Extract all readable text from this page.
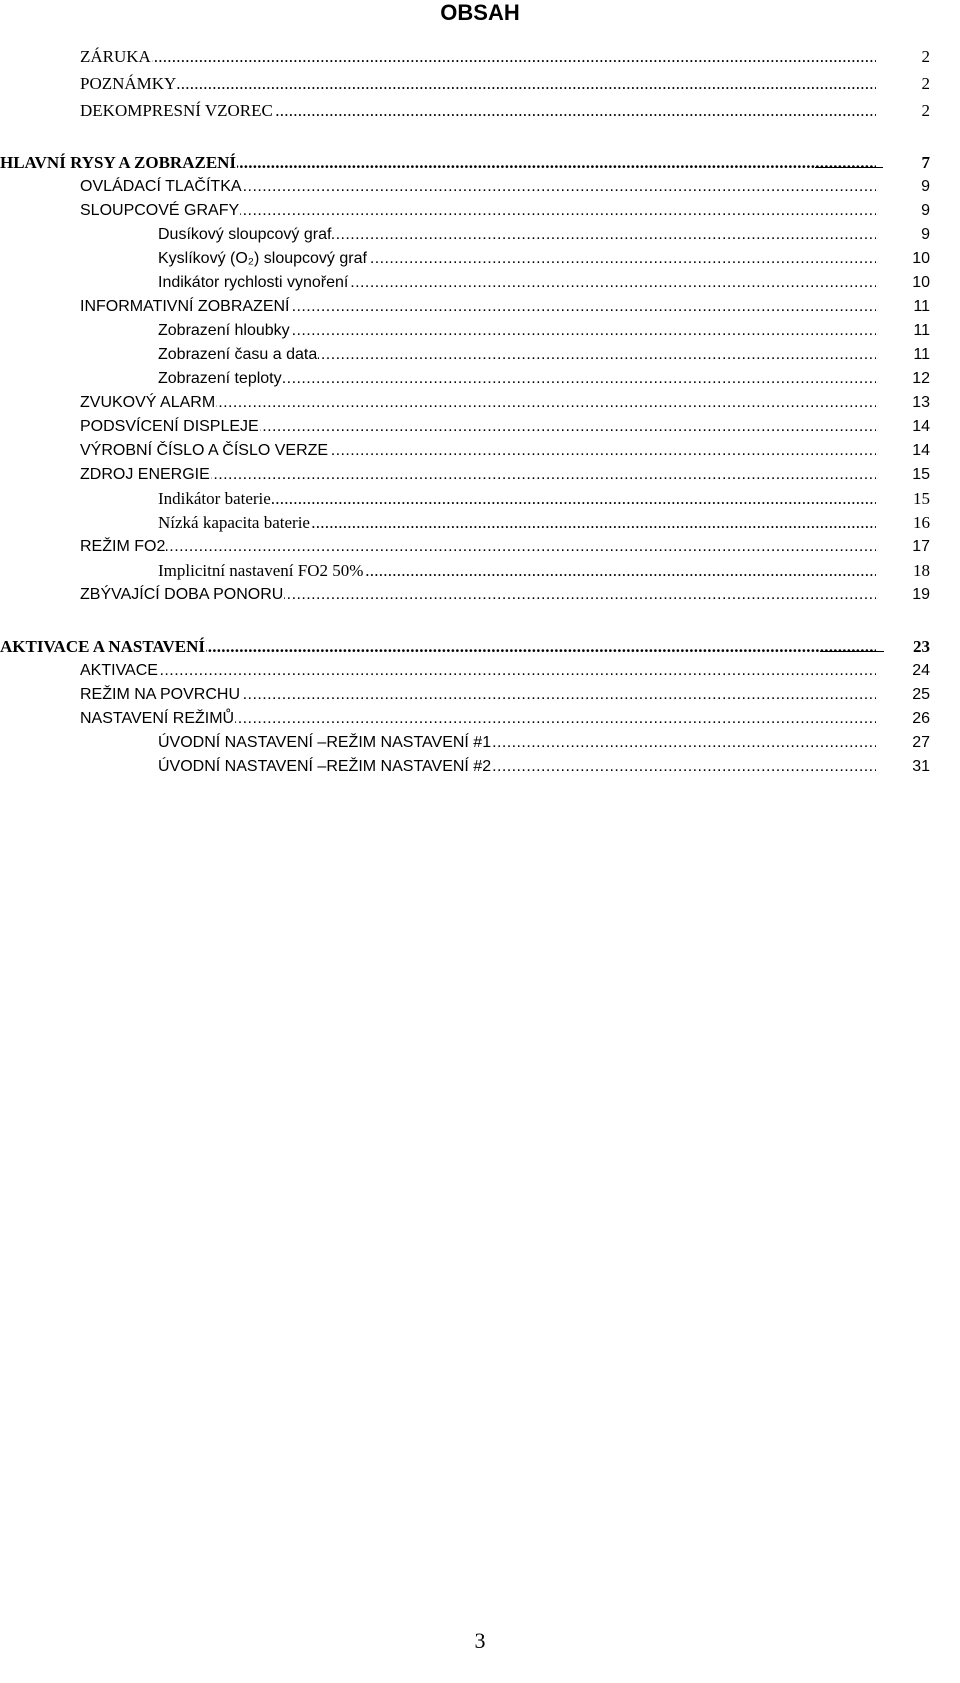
OBSAH
. . .
ZÁRUKA	2
. . .
POZNÁMKY	2
. . .
DEKOMPRESNÍ VZOREC	2
. . .
HLAVNÍ RYSY A ZOBRAZENÍ	7
. . .
OVLÁDACÍ TLAČÍTKA	9
. . .
SLOUPCOVÉ GRAFY	9
. . .
Dusíkový sloupcový graf	9
. . .
Kyslíkový (O₂) sloupcový graf	10
. . .
Indikátor rychlosti vynoření	10
. . .
INFORMATIVNÍ ZOBRAZENÍ	11
. . .
Zobrazení hloubky	11
. . .
Zobrazení času a data	11
. . .
Zobrazení teploty	12
. . .
ZVUKOVÝ ALARM	13
. . .
PODSVÍCENÍ DISPLEJE	14
. . .
VÝROBNÍ ČÍSLO A ČÍSLO VERZE	14
. . .
ZDROJ ENERGIE	15
. . .
Indikátor baterie	15
. . .
Nízká kapacita baterie	16
. . .
REŽIM FO2	17
. . .
Implicitní nastavení FO2 50%	18
. . .
ZBÝVAJÍCÍ DOBA PONORU	19
. . .
AKTIVACE A NASTAVENÍ	23
. . .
AKTIVACE	24
. . .
REŽIM NA POVRCHU	25
. . .
NASTAVENÍ REŽIMŮ	26
. . .
ÚVODNÍ NASTAVENÍ –REŽIM NASTAVENÍ #1	27
. . .
ÚVODNÍ NASTAVENÍ –REŽIM NASTAVENÍ #2	31
3
